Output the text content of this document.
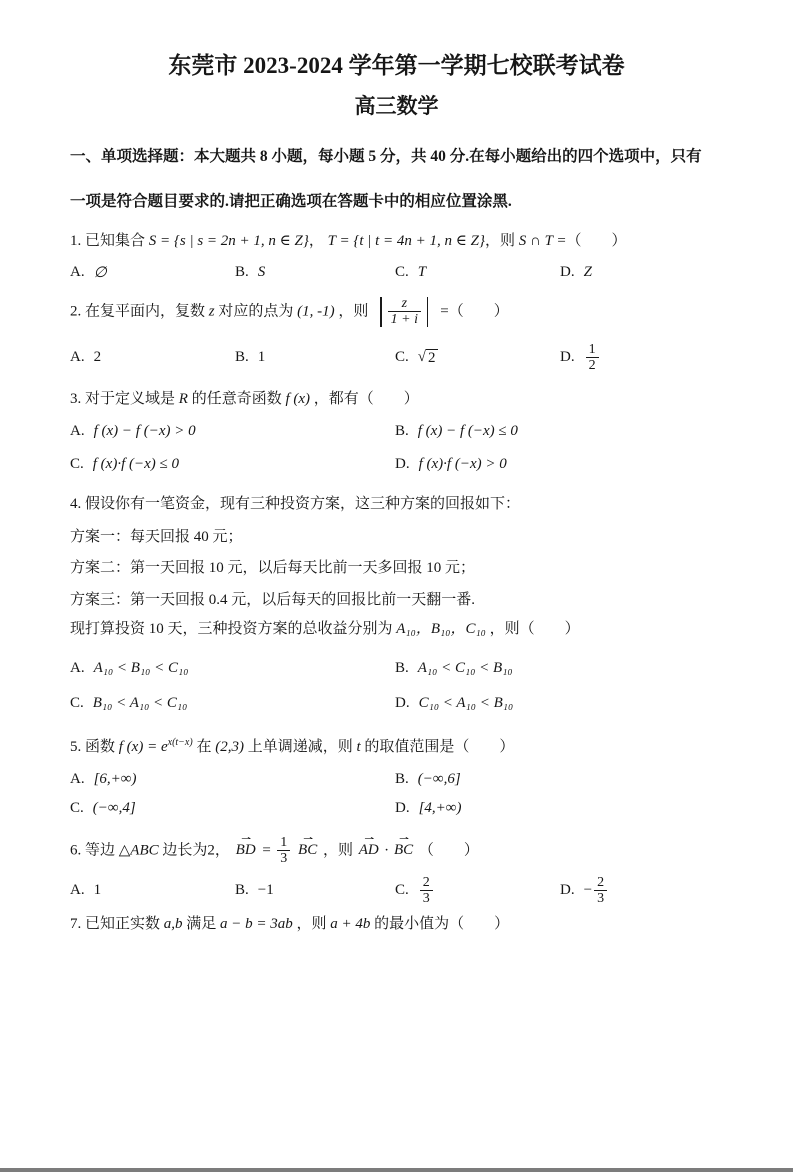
东莞市 2023-2024 学年第一学期七校联考试卷
高三数学
一、单项选择题：本大题共 8 小题，每小题 5 分，共 40 分.在每小题给出的四个选项中，只有
一项是符合题目要求的.请把正确选项在答题卡中的相应位置涂黑.
1. 已知集合 S = {s | s = 2n + 1, n ∈ Z}， T = {t | t = 4n + 1, n ∈ Z}，则 S ∩ T =（　　）
A. ∅	B. S	C. T	D. Z
2. 在复平面内，复数 z 对应的点为 (1, -1) ，则 $\frac{z}{1 + i}$ =（　　）
A. 2	B. 1	C. √ 2	D. $\frac{1}{2}$
3. 对于定义域是 R 的任意奇函数 f (x) ，都有（　　）
A. f (x) − f (−x) > 0	B. f (x) − f (−x) ≤ 0
C. f (x)·f (−x) ≤ 0	D. f (x)·f (−x) > 0
4. 假设你有一笔资金，现有三种投资方案，这三种方案的回报如下：
方案一：每天回报 40 元；
方案二：第一天回报 10 元，以后每天比前一天多回报 10 元；
方案三：第一天回报 0.4 元，以后每天的回报比前一天翻一番.
现打算投资 10 天，三种投资方案的总收益分别为 A₁₀，B₁₀，C₁₀ ，则（　　）
A. A₁₀ < B₁₀ < C₁₀	B. A₁₀ < C₁₀ < B₁₀
C. B₁₀ < A₁₀ < C₁₀	D. C₁₀ < A₁₀ < B₁₀
5. 函数 f $(x) = e^{x(t-x)}$ 在 (2,3) 上单调递减，则 t 的取值范围是（　　）
A. [6,+∞)	B. (−∞,6]
C. (−∞,4]	D. [4,+∞)
6. 等边 △ABC 边长为2，
⇀
BD = $\frac{1}{3}$
⇀
BC ，则
⇀
AD ·
⇀
BC （　　）
A. 1	B. −1	C. $\frac{2}{3}$	D. − $\frac{2}{3}$
7. 已知正实数 a,b 满足 a − b = 3ab ，则 a + 4b 的最小值为（　　）
